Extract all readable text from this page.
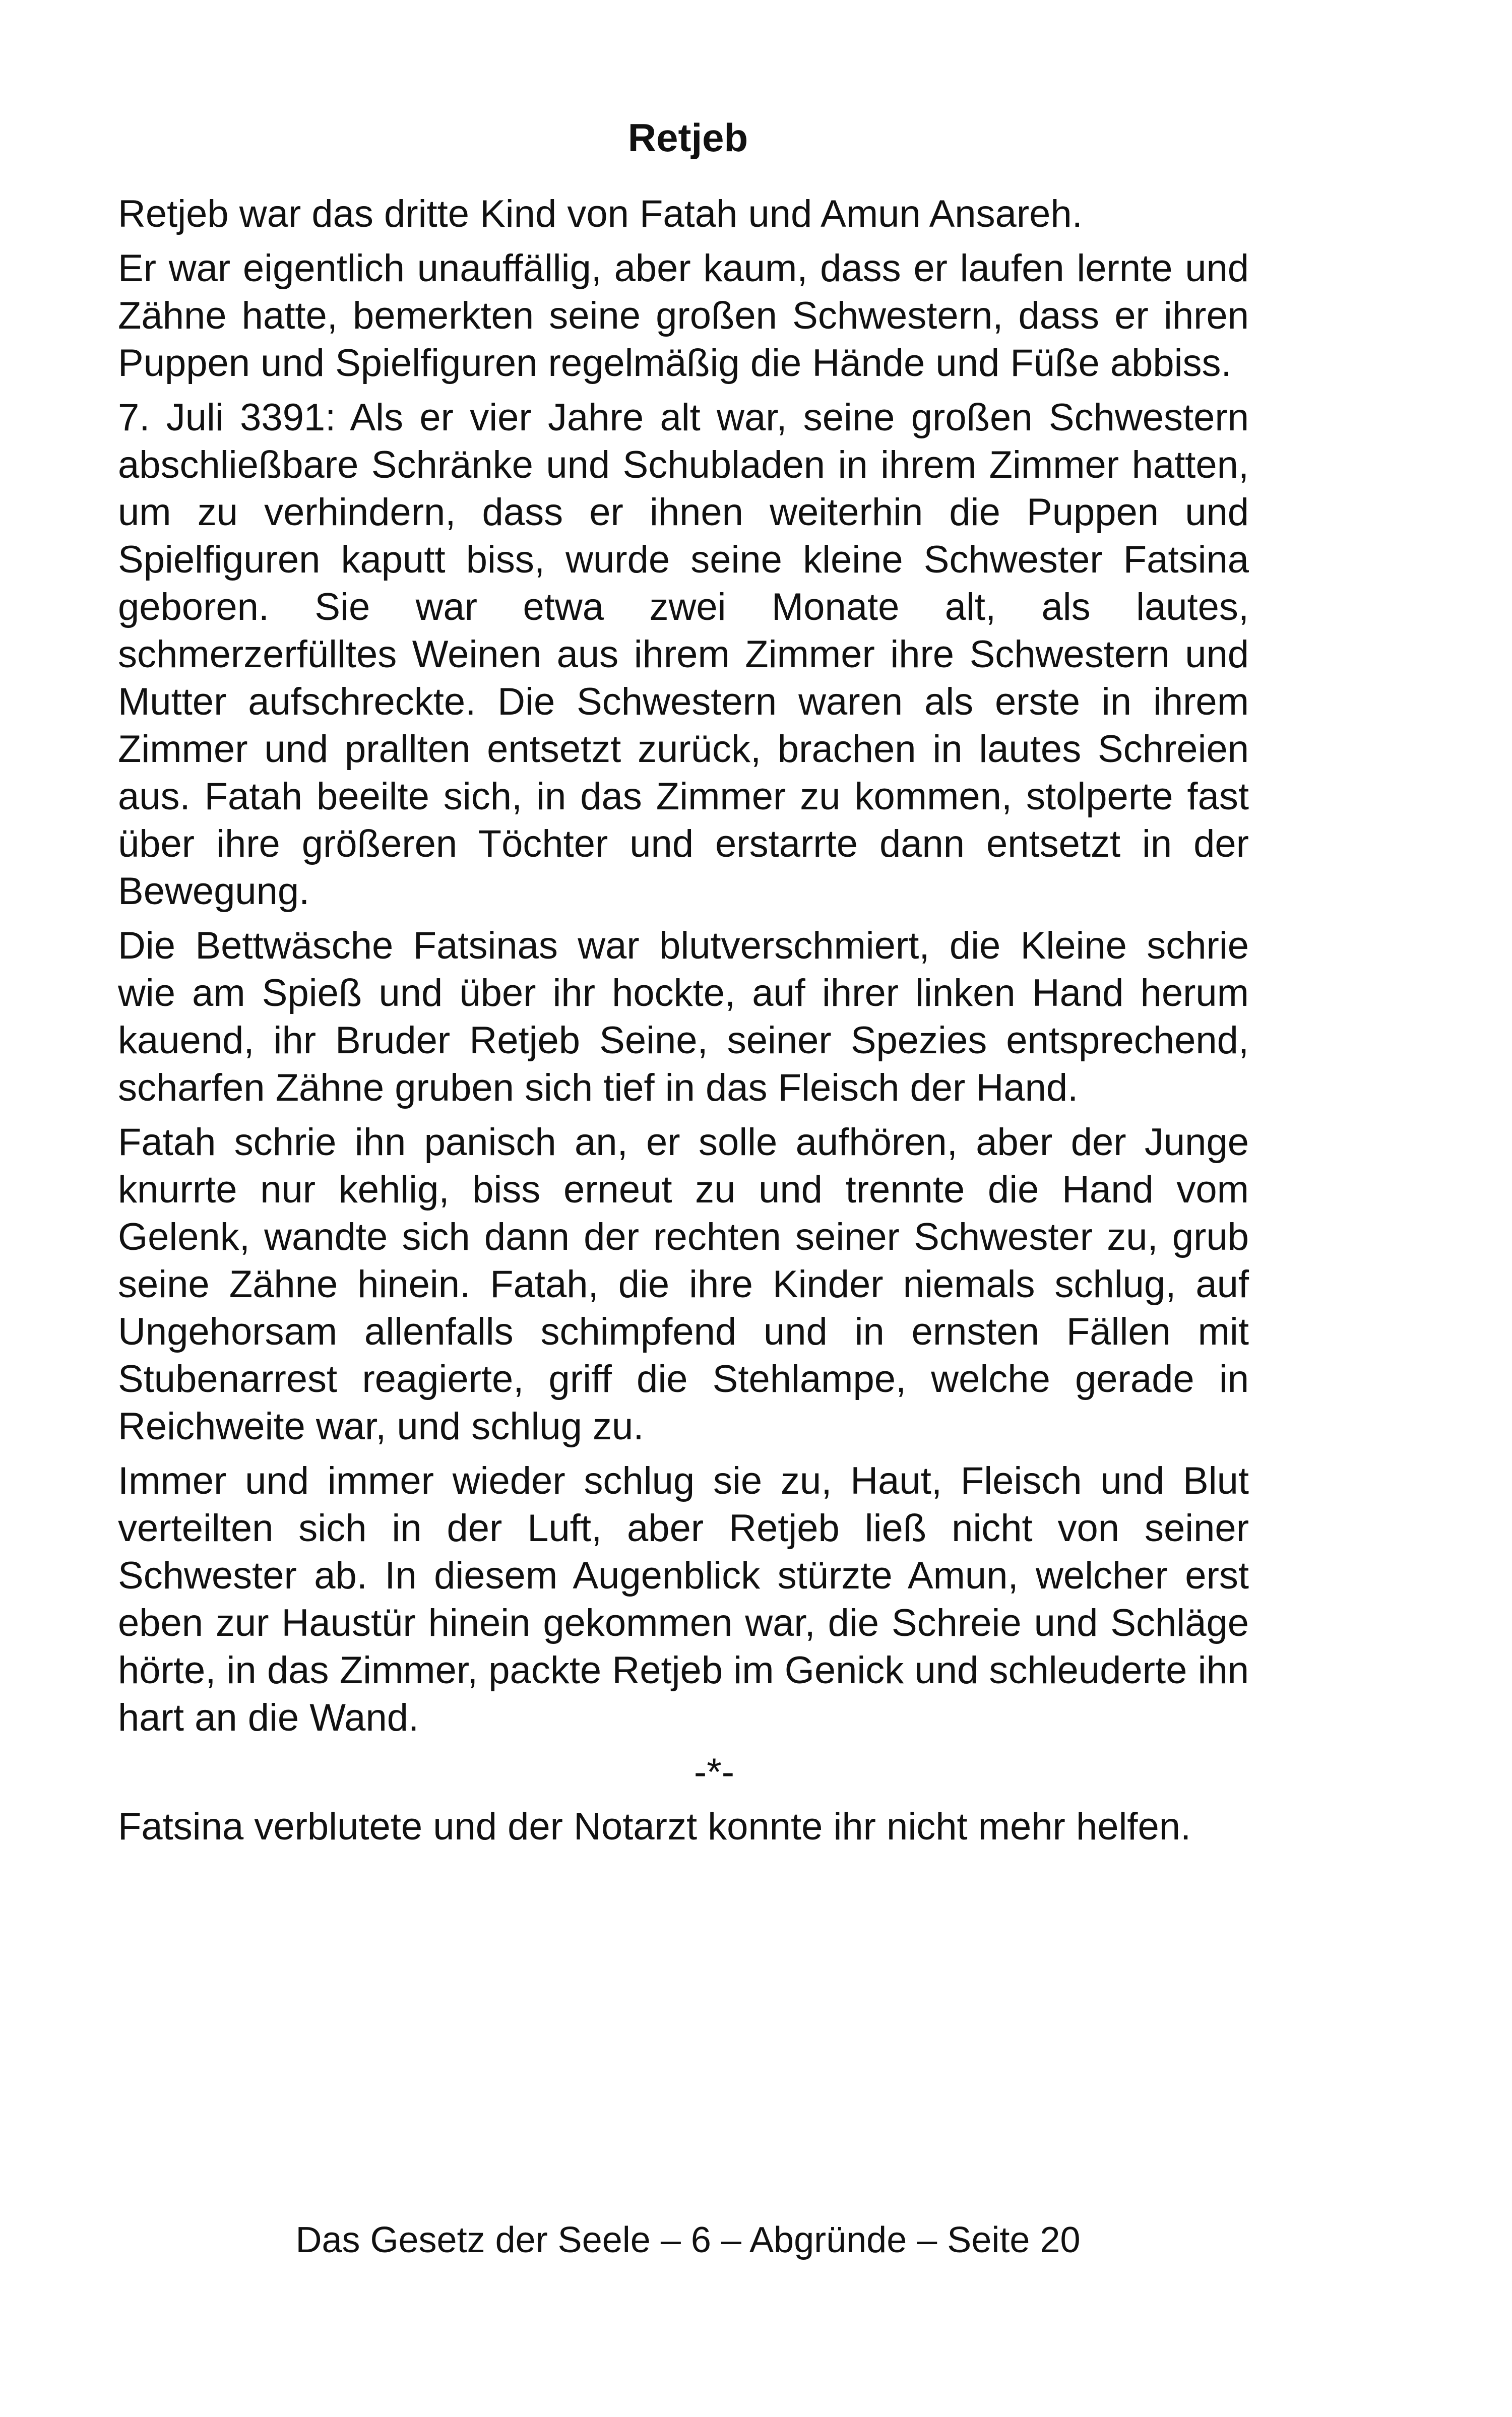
Retjeb

Retjeb war das dritte Kind von Fatah und Amun Ansareh.

Er war eigentlich unauffällig, aber kaum, dass er laufen lernte und Zähne hatte, bemerkten seine großen Schwestern, dass er ihren Puppen und Spielfiguren regelmäßig die Hände und Füße abbiss.

7. Juli 3391: Als er vier Jahre alt war, seine großen Schwestern abschließbare Schränke und Schubladen in ihrem Zimmer hatten, um zu verhindern, dass er ihnen weiterhin die Puppen und Spielfiguren kaputt biss, wurde seine kleine Schwester Fatsina geboren. Sie war etwa zwei Monate alt, als lautes, schmerzerfülltes Weinen aus ihrem Zimmer ihre Schwestern und Mutter aufschreckte. Die Schwestern waren als erste in ihrem Zimmer und prallten entsetzt zurück, brachen in lautes Schreien aus. Fatah beeilte sich, in das Zimmer zu kommen, stolperte fast über ihre größeren Töchter und erstarrte dann entsetzt in der Bewegung.

Die Bettwäsche Fatsinas war blutverschmiert, die Kleine schrie wie am Spieß und über ihr hockte, auf ihrer linken Hand herum kauend, ihr Bruder Retjeb Seine, seiner Spezies entsprechend, scharfen Zähne gruben sich tief in das Fleisch der Hand.

Fatah schrie ihn panisch an, er solle aufhören, aber der Junge knurrte nur kehlig, biss erneut zu und trennte die Hand vom Gelenk, wandte sich dann der rechten seiner Schwester zu, grub seine Zähne hinein. Fatah, die ihre Kinder niemals schlug, auf Ungehorsam allenfalls schimpfend und in ernsten Fällen mit Stubenarrest reagierte, griff die Stehlampe, welche gerade in Reichweite war, und schlug zu.

Immer und immer wieder schlug sie zu, Haut, Fleisch und Blut verteilten sich in der Luft, aber Retjeb ließ nicht von seiner Schwester ab. In diesem Augenblick stürzte Amun, welcher erst eben zur Haustür hinein gekommen war, die Schreie und Schläge hörte, in das Zimmer, packte Retjeb im Genick und schleuderte ihn hart an die Wand.

-*-

Fatsina verblutete und der Notarzt konnte ihr nicht mehr helfen.

Das Gesetz der Seele – 6 – Abgründe – Seite 20
